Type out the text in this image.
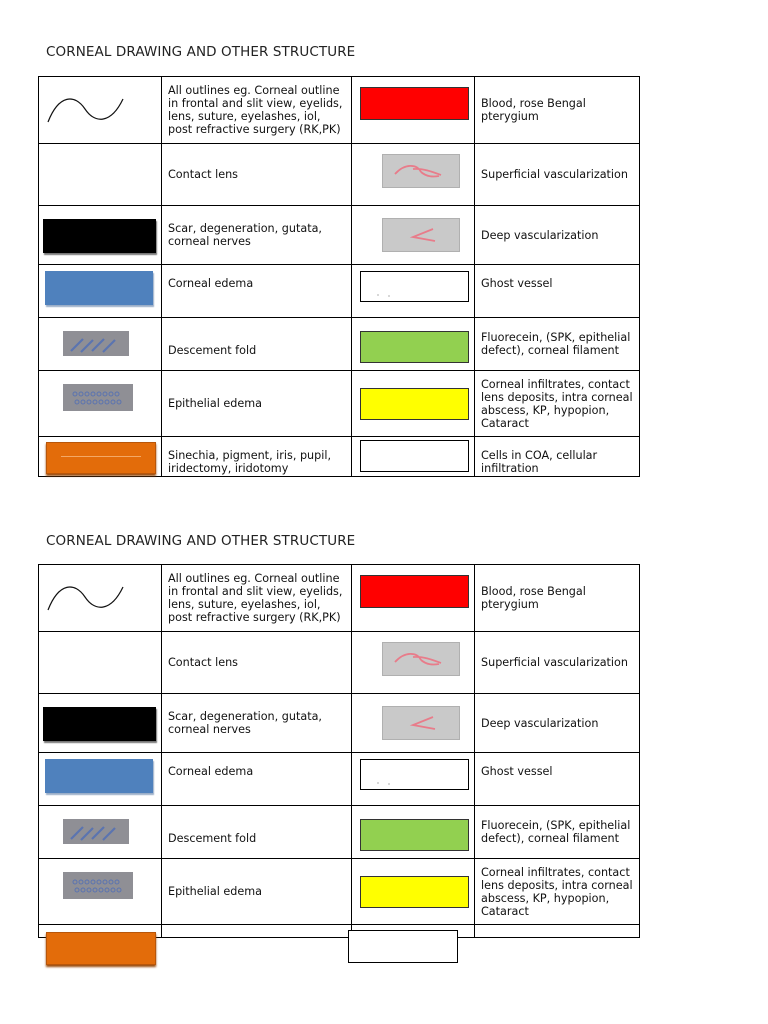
CORNEAL DRAWING AND OTHER STRUCTURE
	All outlines eg. Corneal outline in frontal and slit view, eyelids, lens, suture, eyelashes, iol, post refractive surgery (RK,PK)		Blood, rose Bengal pterygium
	Contact lens		Superficial vascularization

	Scar, degeneration, gutata, corneal nerves		Deep vascularization

	Corneal edema		Ghost vessel

	Descement fold		Fluorecein, (SPK, epithelial defect), corneal filament

	Epithelial edema		Corneal infiltrates, contact lens deposits, intra corneal abscess, KP, hypopion, Cataract

	Sinechia, pigment, iris, pupil, iridectomy, iridotomy		Cells in COA, cellular infiltration
CORNEAL DRAWING AND OTHER STRUCTURE
	All outlines eg. Corneal outline in frontal and slit view, eyelids, lens, suture, eyelashes, iol, post refractive surgery (RK,PK)		Blood, rose Bengal pterygium
	Contact lens		Superficial vascularization

	Scar, degeneration, gutata, corneal nerves		Deep vascularization

	Corneal edema		Ghost vessel

	Descement fold		Fluorecein, (SPK, epithelial defect), corneal filament

	Epithelial edema		Corneal infiltrates, contact lens deposits, intra corneal abscess, KP, hypopion, Cataract
